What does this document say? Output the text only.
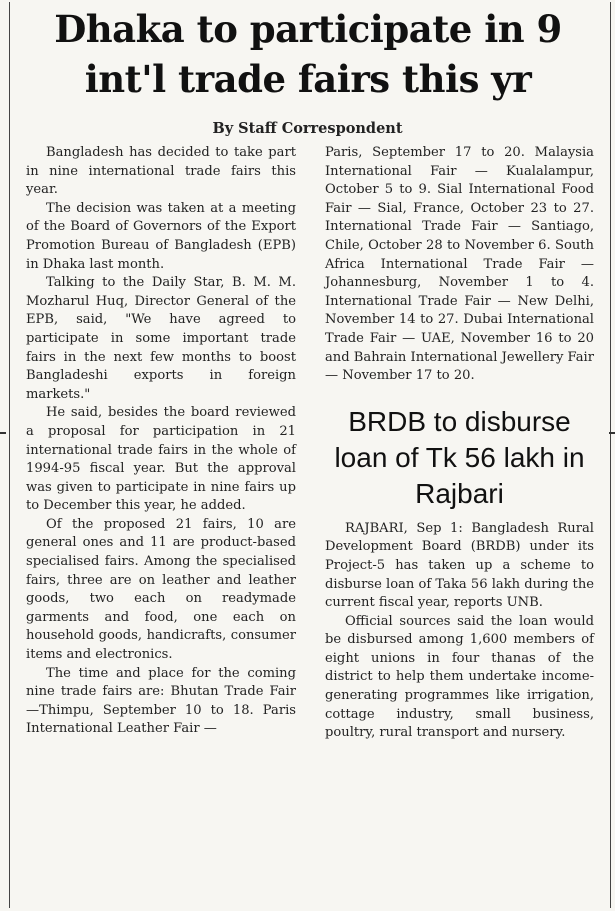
Dhaka to participate in 9
int'l trade fairs this yr
By Staff Correspondent

Bangladesh has decided to take part in nine international trade fairs this year.

The decision was taken at a meeting of the Board of Governors of the Export Promotion Bureau of Bangladesh (EPB) in Dhaka last month.

Talking to the Daily Star, B. M. M. Mozharul Huq, Director General of the EPB, said, "We have agreed to participate in some important trade fairs in the next few months to boost Bangladeshi exports in foreign markets."

He said, besides the board reviewed a proposal for participation in 21 international trade fairs in the whole of 1994-95 fiscal year. But the approval was given to participate in nine fairs up to December this year, he added.

Of the proposed 21 fairs, 10 are general ones and 11 are product-based specialised fairs. Among the specialised fairs, three are on leather and leather goods, two each on readymade garments and food, one each on household goods, handicrafts, consumer items and electronics.

The time and place for the coming nine trade fairs are: Bhutan Trade Fair —Thimpu, September 10 to 18. Paris International Leather Fair —

Paris, September 17 to 20. Malaysia International Fair — Kualalampur, October 5 to 9. Sial International Food Fair — Sial, France, October 23 to 27. International Trade Fair — Santiago, Chile, October 28 to November 6. South Africa International Trade Fair — Johannesburg, November 1 to 4. International Trade Fair — New Delhi, November 14 to 27. Dubai International Trade Fair — UAE, November 16 to 20 and Bahrain International Jewellery Fair — November 17 to 20.

BRDB to disburse loan of Tk 56 lakh in Rajbari

RAJBARI, Sep 1: Bangladesh Rural Development Board (BRDB) under its Project-5 has taken up a scheme to disburse loan of Taka 56 lakh during the current fiscal year, reports UNB.

Official sources said the loan would be disbursed among 1,600 members of eight unions in four thanas of the district to help them undertake income-generating programmes like irrigation, cottage industry, small business, poultry, rural transport and nursery.
